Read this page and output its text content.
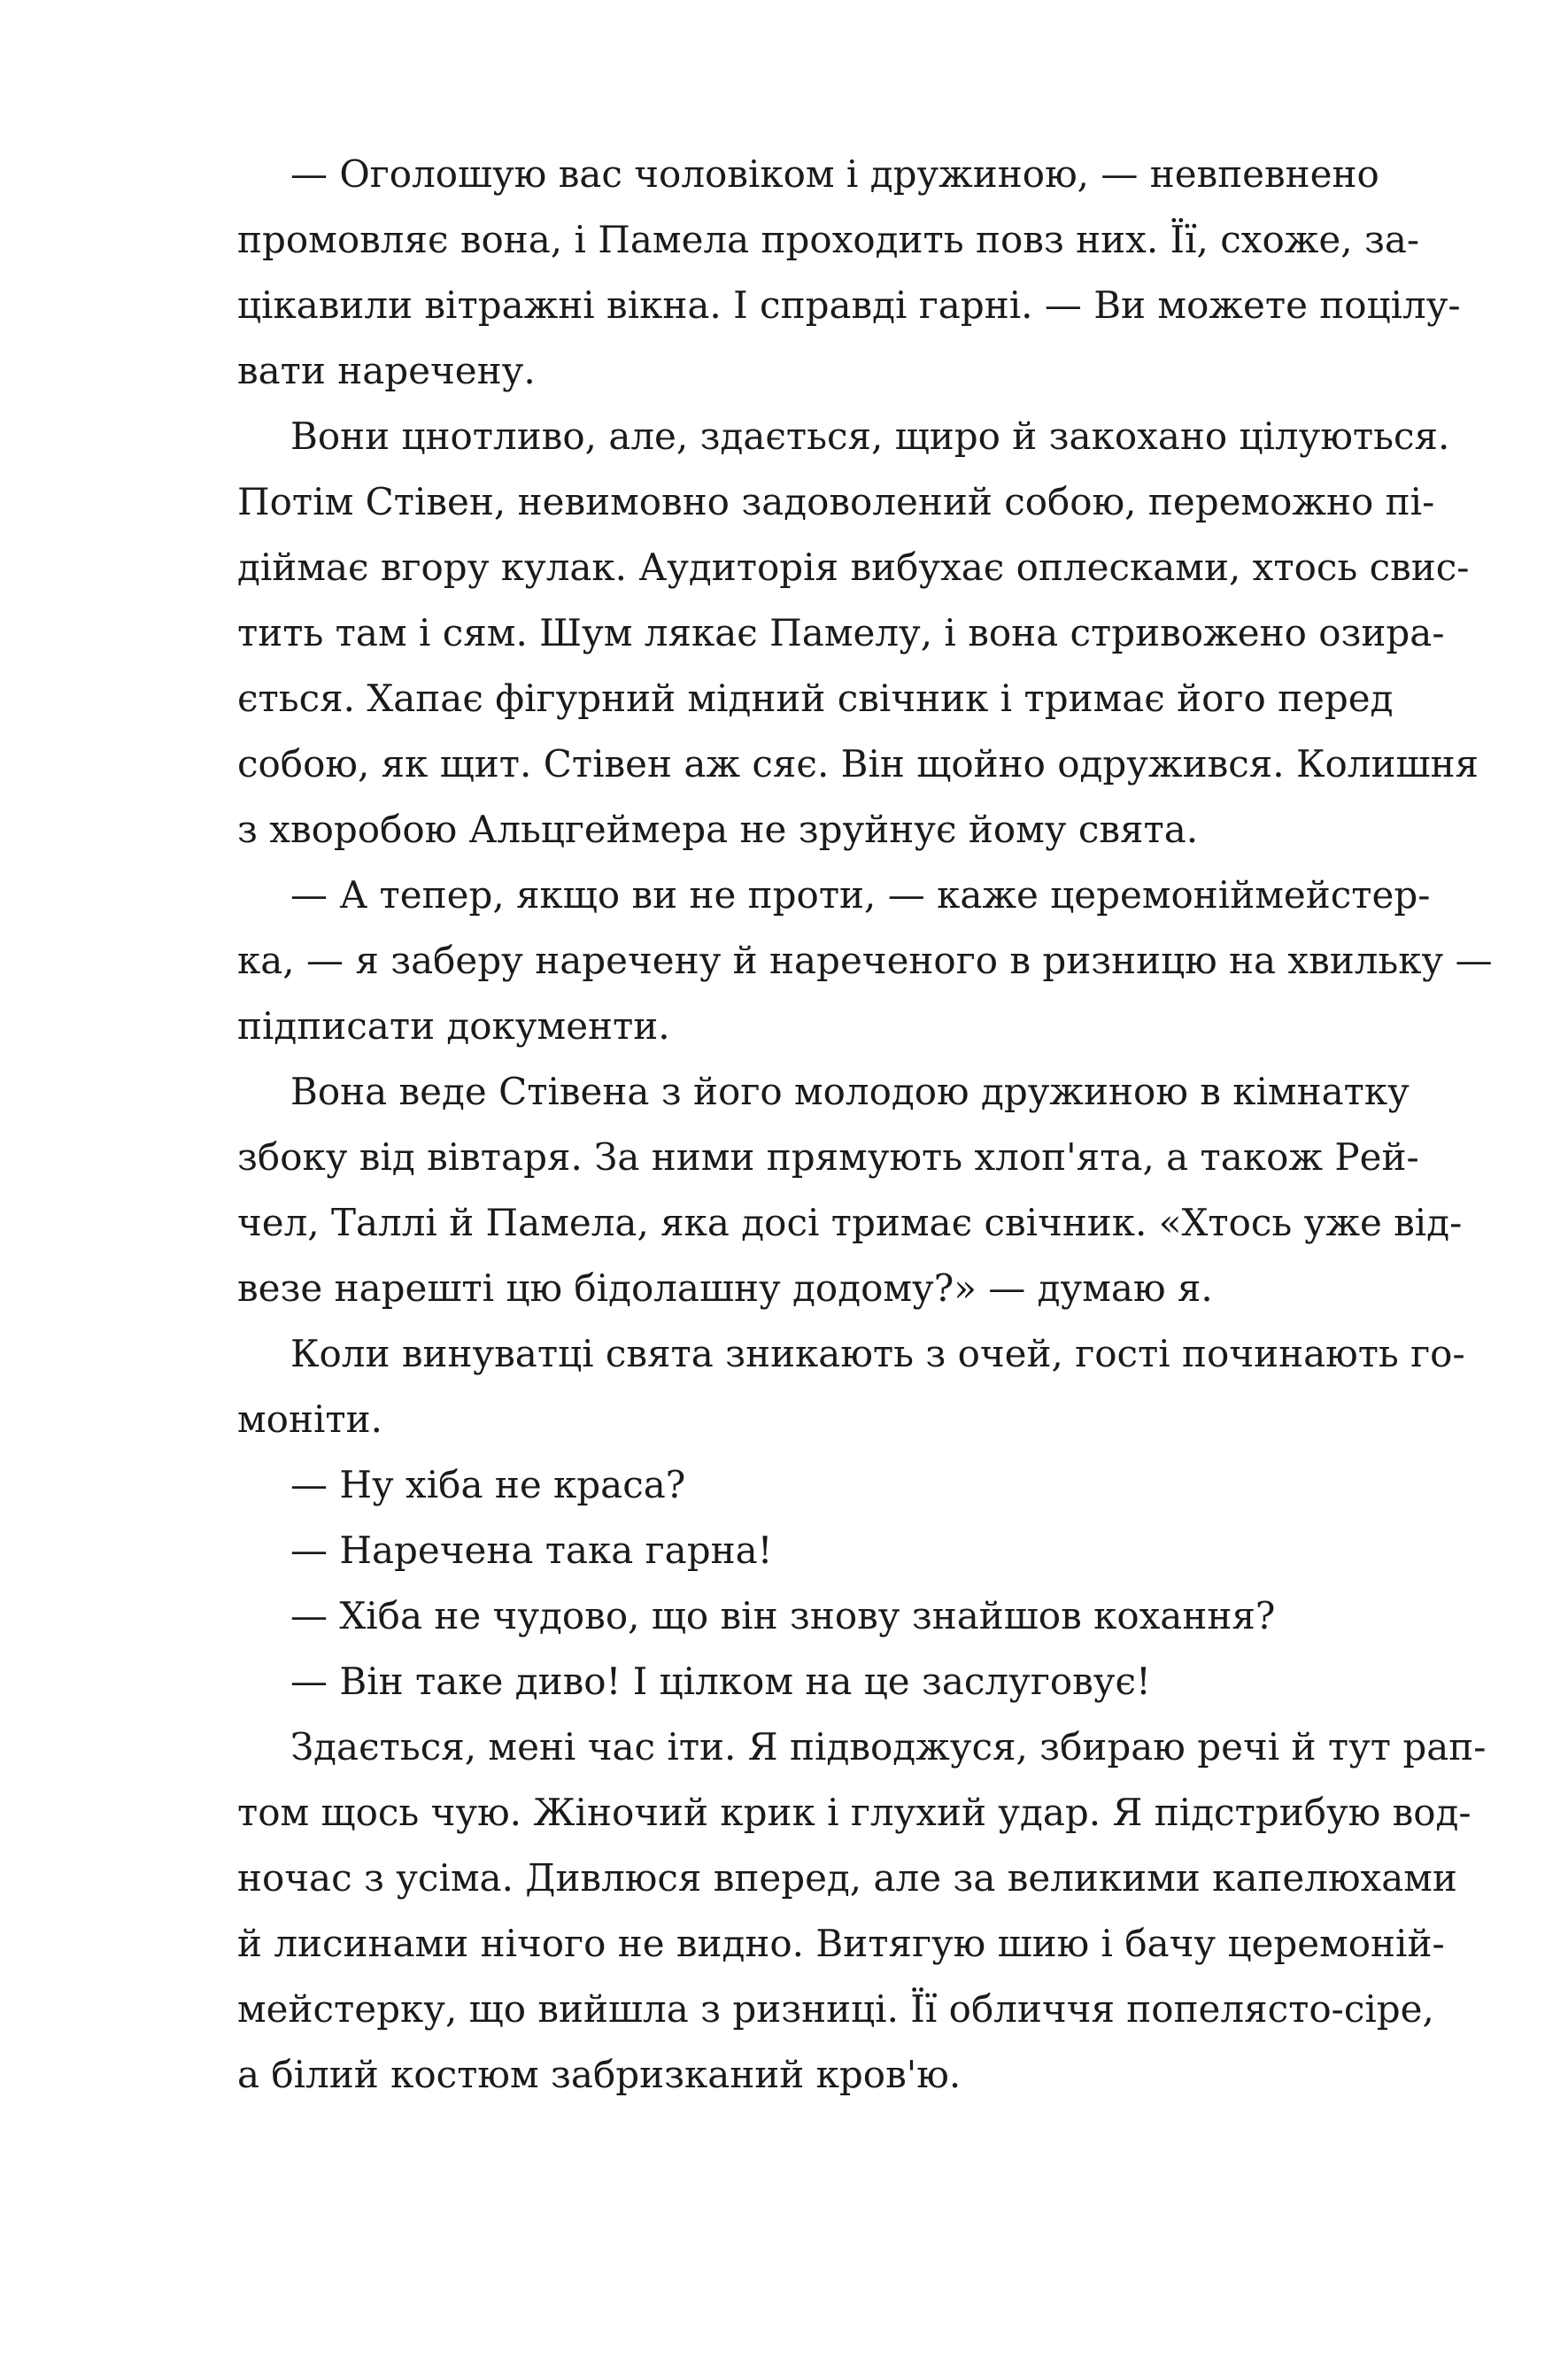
— Оголошую вас чоловіком і дружиною, — невпевнено
промовляє вона, і Памела проходить повз них. Її, схоже, за-
цікавили вітражні вікна. І справді гарні. — Ви можете поцілу-
вати наречену.
Вони цнотливо, але, здається, щиро й закохано цілуються.
Потім Стівен, невимовно задоволений собою, переможно пі-
діймає вгору кулак. Аудиторія вибухає оплесками, хтось свис-
тить там і сям. Шум лякає Памелу, і вона стривожено озира-
ється. Хапає фігурний мідний свічник і тримає його перед
собою, як щит. Стівен аж сяє. Він щойно одружився. Колишня
з хворобою Альцгеймера не зруйнує йому свята.
— А тепер, якщо ви не проти, — каже церемоніймейстер-
ка, — я заберу наречену й нареченого в ризницю на хвильку —
підписати документи.
Вона веде Стівена з його молодою дружиною в кімнатку
збоку від вівтаря. За ними прямують хлоп'ята, а також Рей-
чел, Таллі й Памела, яка досі тримає свічник. «Хтось уже від-
везе нарешті цю бідолашну додому?» — думаю я.
Коли винуватці свята зникають з очей, гості починають го-
моніти.
— Ну хіба не краса?
— Наречена така гарна!
— Хіба не чудово, що він знову знайшов кохання?
— Він таке диво! І цілком на це заслуговує!
Здається, мені час іти. Я підводжуся, збираю речі й тут рап-
том щось чую. Жіночий крик і глухий удар. Я підстрибую вод-
ночас з усіма. Дивлюся вперед, але за великими капелюхами
й лисинами нічого не видно. Витягую шию і бачу церемоній-
мейстерку, що вийшла з ризниці. Її обличчя попелясто-сіре,
а білий костюм забризканий кров'ю.
